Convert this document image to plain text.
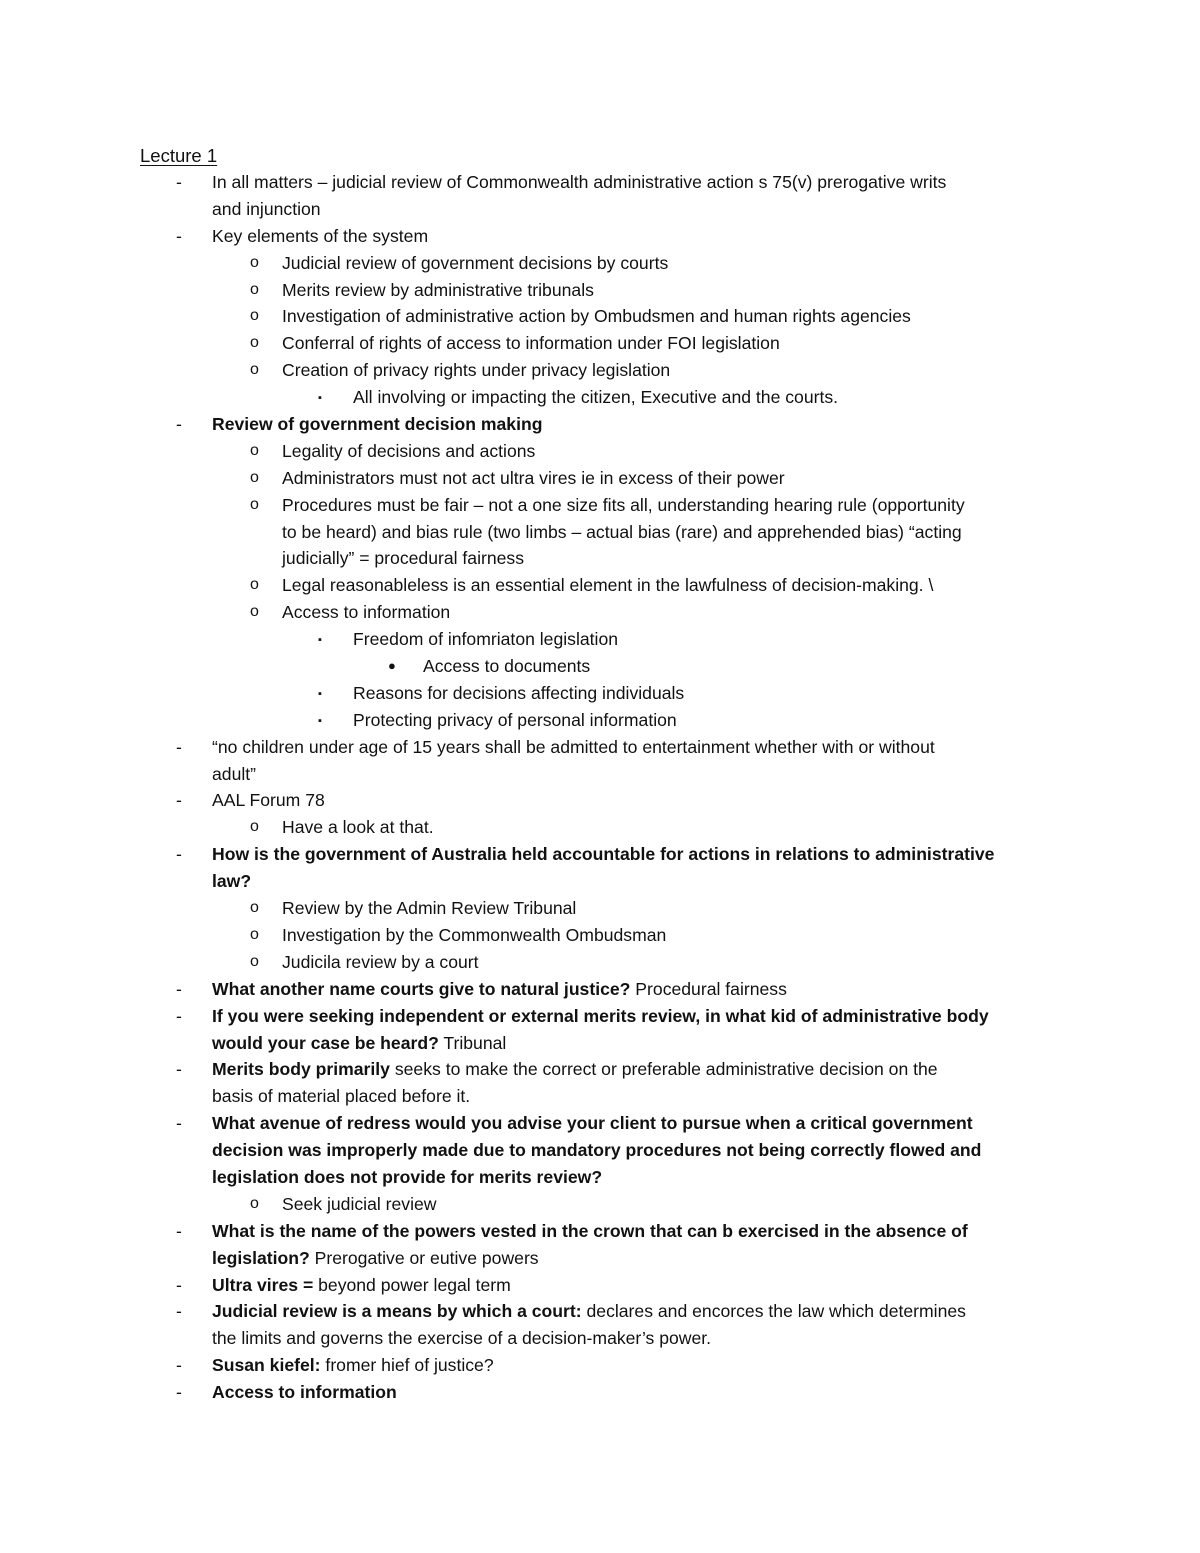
Lecture 1
- In all matters – judicial review of Commonwealth administrative action s 75(v) prerogative writs
and injunction
- Key elements of the system
o Judicial review of government decisions by courts
o Merits review by administrative tribunals
o Investigation of administrative action by Ombudsmen and human rights agencies
o Conferral of rights of access to information under FOI legislation
o Creation of privacy rights under privacy legislation
▪ All involving or impacting the citizen, Executive and the courts.
- Review of government decision making
o Legality of decisions and actions
o Administrators must not act ultra vires ie in excess of their power
o Procedures must be fair – not a one size fits all, understanding hearing rule (opportunity
to be heard) and bias rule (two limbs – actual bias (rare) and apprehended bias) “acting
judicially” = procedural fairness
o Legal reasonableless is an essential element in the lawfulness of decision-making. \
o Access to information
▪ Freedom of infomriaton legislation
● Access to documents
▪ Reasons for decisions affecting individuals
▪ Protecting privacy of personal information
- “no children under age of 15 years shall be admitted to entertainment whether with or without
adult”
- AAL Forum 78
o Have a look at that.
- How is the government of Australia held accountable for actions in relations to administrative
law?
o Review by the Admin Review Tribunal
o Investigation by the Commonwealth Ombudsman
o Judicila review by a court
- What another name courts give to natural justice? Procedural fairness
- If you were seeking independent or external merits review, in what kid of administrative body
would your case be heard? Tribunal
- Merits body primarily seeks to make the correct or preferable administrative decision on the
basis of material placed before it.
- What avenue of redress would you advise your client to pursue when a critical government
decision was improperly made due to mandatory procedures not being correctly flowed and
legislation does not provide for merits review?
o Seek judicial review
- What is the name of the powers vested in the crown that can b exercised in the absence of
legislation? Prerogative or eutive powers
- Ultra vires = beyond power legal term
- Judicial review is a means by which a court: declares and encorces the law which determines
the limits and governs the exercise of a decision-maker’s power.
- Susan kiefel: fromer hief of justice?
- Access to information
